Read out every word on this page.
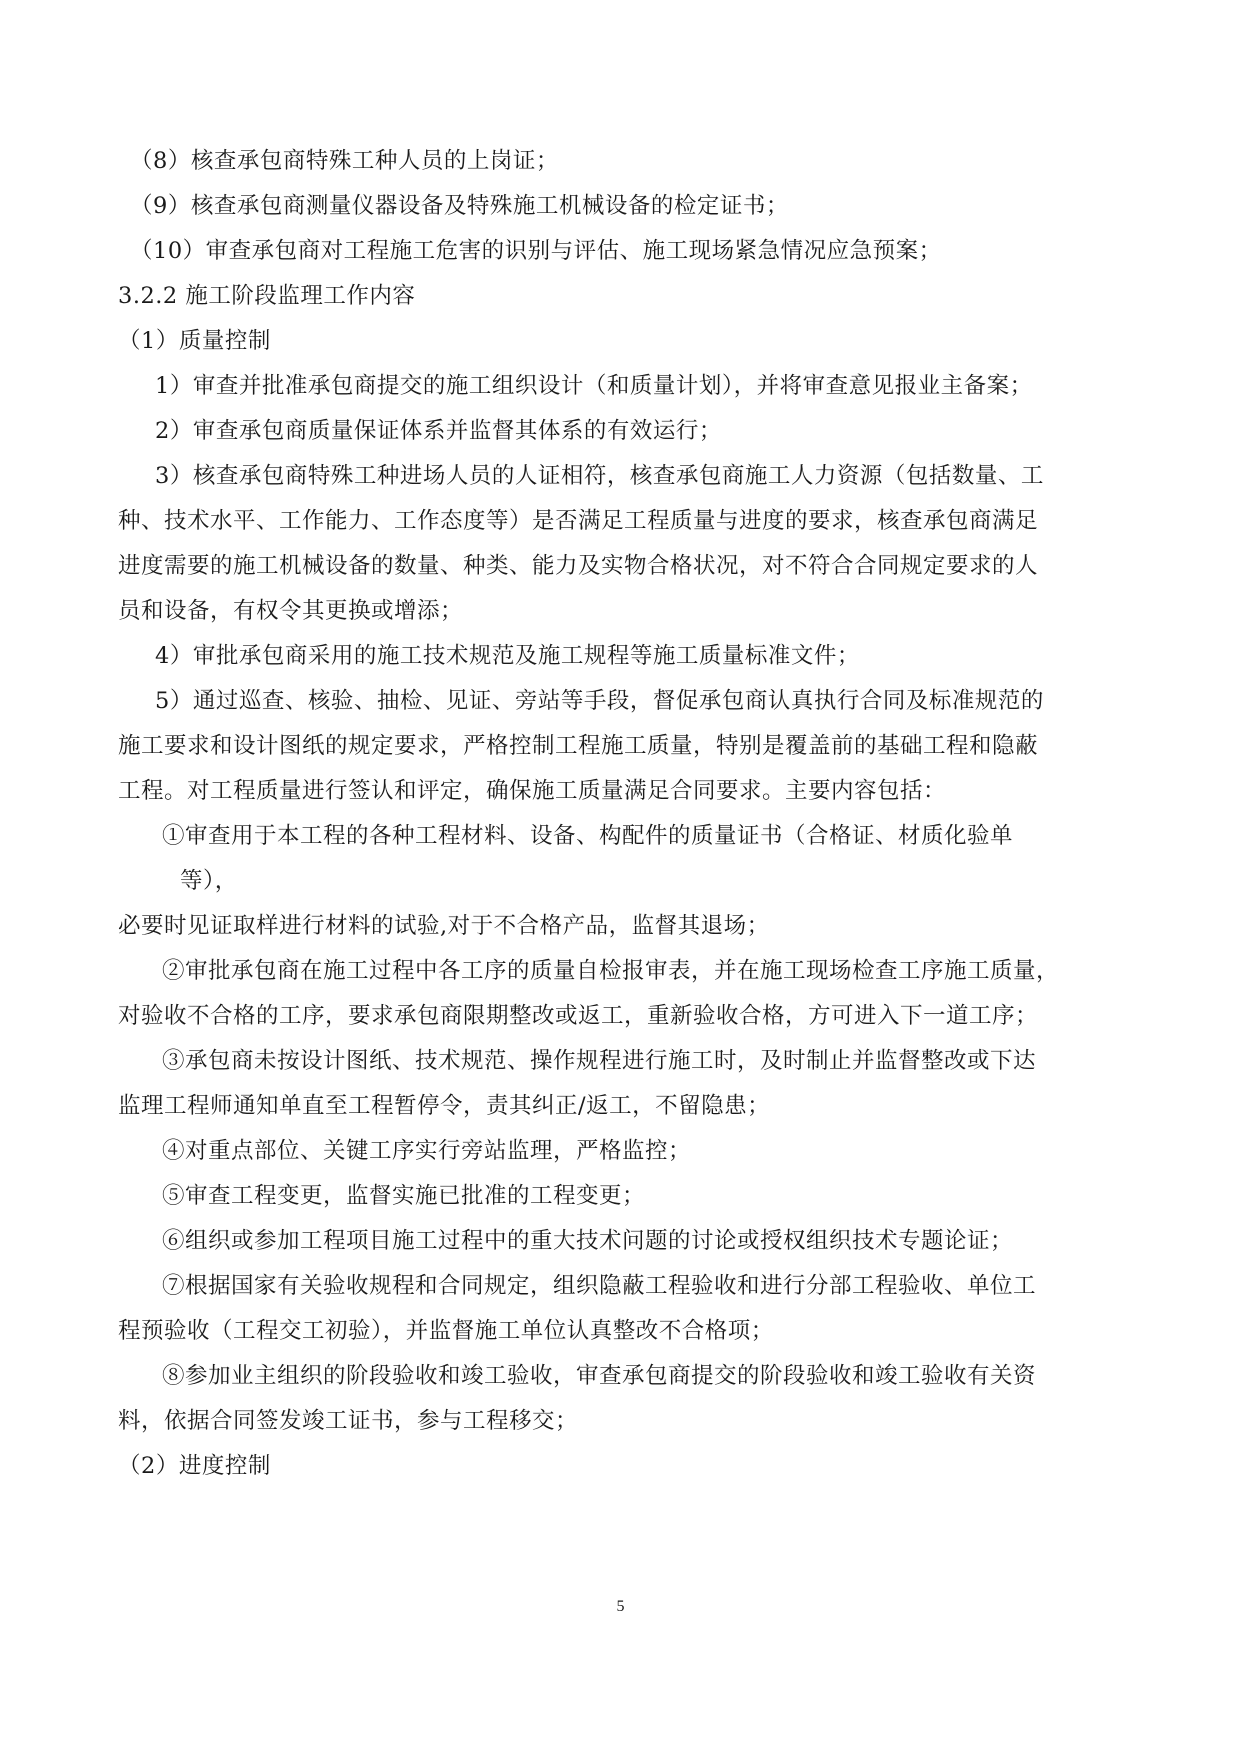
（8）核查承包商特殊工种人员的上岗证；
（9）核查承包商测量仪器设备及特殊施工机械设备的检定证书；
（10）审查承包商对工程施工危害的识别与评估、施工现场紧急情况应急预案；
3.2.2 施工阶段监理工作内容
（1）质量控制
1）审查并批准承包商提交的施工组织设计（和质量计划），并将审查意见报业主备案；
2）审查承包商质量保证体系并监督其体系的有效运行；
3）核查承包商特殊工种进场人员的人证相符，核查承包商施工人力资源（包括数量、工
种、技术水平、工作能力、工作态度等）是否满足工程质量与进度的要求，核查承包商满足
进度需要的施工机械设备的数量、种类、能力及实物合格状况，对不符合合同规定要求的人
员和设备，有权令其更换或增添；
4）审批承包商采用的施工技术规范及施工规程等施工质量标准文件；
5）通过巡查、核验、抽检、见证、旁站等手段，督促承包商认真执行合同及标准规范的
施工要求和设计图纸的规定要求，严格控制工程施工质量，特别是覆盖前的基础工程和隐蔽
工程。对工程质量进行签认和评定，确保施工质量满足合同要求。主要内容包括：
①审查用于本工程的各种工程材料、设备、构配件的质量证书（合格证、材质化验单
等），
必要时见证取样进行材料的试验,对于不合格产品，监督其退场；
②审批承包商在施工过程中各工序的质量自检报审表，并在施工现场检查工序施工质量，
对验收不合格的工序，要求承包商限期整改或返工，重新验收合格，方可进入下一道工序；
③承包商未按设计图纸、技术规范、操作规程进行施工时，及时制止并监督整改或下达
监理工程师通知单直至工程暂停令，责其纠正/返工，不留隐患；
④对重点部位、关键工序实行旁站监理，严格监控；
⑤审查工程变更，监督实施已批准的工程变更；
⑥组织或参加工程项目施工过程中的重大技术问题的讨论或授权组织技术专题论证；
⑦根据国家有关验收规程和合同规定，组织隐蔽工程验收和进行分部工程验收、单位工
程预验收（工程交工初验），并监督施工单位认真整改不合格项；
⑧参加业主组织的阶段验收和竣工验收，审查承包商提交的阶段验收和竣工验收有关资
料，依据合同签发竣工证书，参与工程移交；
（2）进度控制
5
